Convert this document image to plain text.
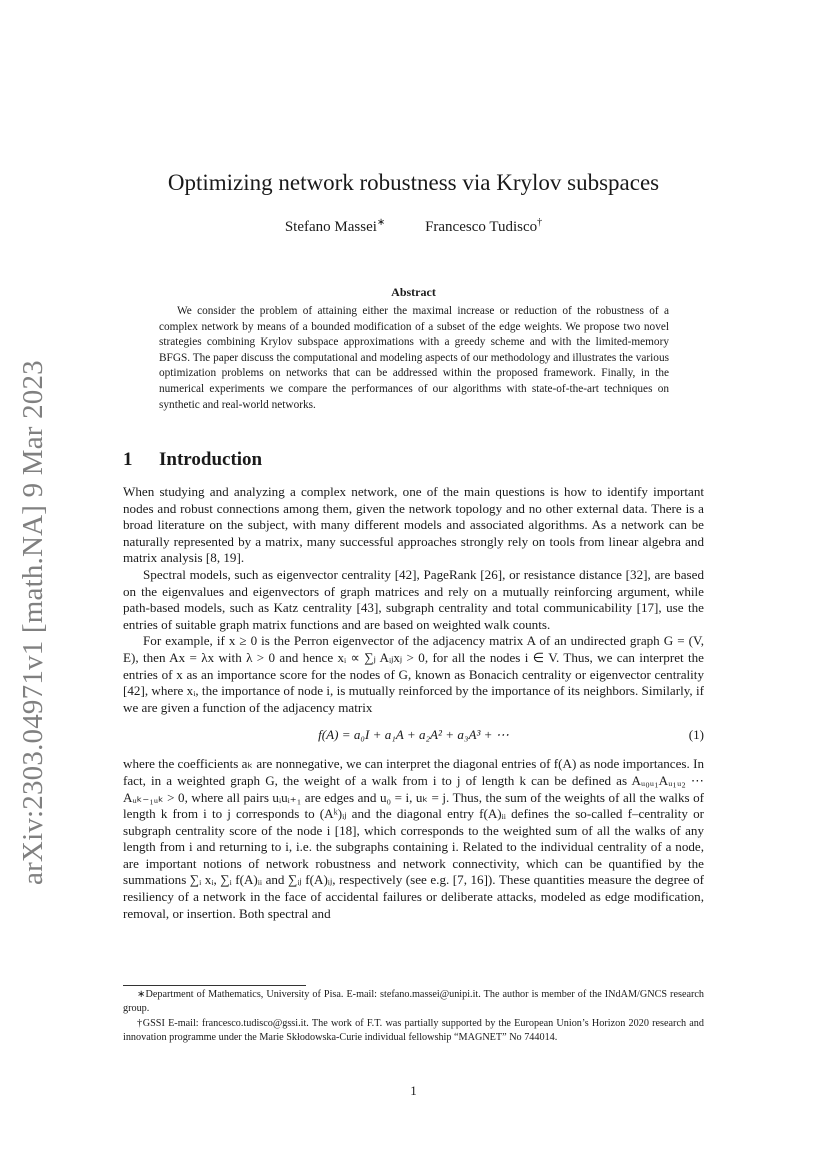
arXiv:2303.04971v1 [math.NA] 9 Mar 2023
Optimizing network robustness via Krylov subspaces
Stefano Massei∗	Francesco Tudisco†
Abstract
We consider the problem of attaining either the maximal increase or reduction of the robustness of a complex network by means of a bounded modification of a subset of the edge weights. We propose two novel strategies combining Krylov subspace approximations with a greedy scheme and with the limited-memory BFGS. The paper discuss the computational and modeling aspects of our methodology and illustrates the various optimization problems on networks that can be addressed within the proposed framework. Finally, in the numerical experiments we compare the performances of our algorithms with state-of-the-art techniques on synthetic and real-world networks.
1 Introduction

When studying and analyzing a complex network, one of the main questions is how to identify important nodes and robust connections among them, given the network topology and no other external data. There is a broad literature on the subject, with many different models and associated algorithms. As a network can be naturally represented by a matrix, many successful approaches strongly rely on tools from linear algebra and matrix analysis [8, 19].

Spectral models, such as eigenvector centrality [42], PageRank [26], or resistance distance [32], are based on the eigenvalues and eigenvectors of graph matrices and rely on a mutually reinforcing argument, while path-based models, such as Katz centrality [43], subgraph centrality and total communicability [17], use the entries of suitable graph matrix functions and are based on weighted walk counts.

For example, if x ≥ 0 is the Perron eigenvector of the adjacency matrix A of an undirected graph G = (V, E), then Ax = λx with λ > 0 and hence xᵢ ∝ ∑ⱼ Aᵢⱼxⱼ > 0, for all the nodes i ∈ V. Thus, we can interpret the entries of x as an importance score for the nodes of G, known as Bonacich centrality or eigenvector centrality [42], where xᵢ, the importance of node i, is mutually reinforced by the importance of its neighbors. Similarly, if we are given a function of the adjacency matrix

f(A) = a₀I + a₁A + a₂A² + a₃A³ + ⋯	(1)

where the coefficients aₖ are nonnegative, we can interpret the diagonal entries of f(A) as node importances. In fact, in a weighted graph G, the weight of a walk from i to j of length k can be defined as Aᵤ₀ᵤ₁Aᵤ₁ᵤ₂ ⋯ Aᵤₖ₋₁ᵤₖ > 0, where all pairs uᵢuᵢ₊₁ are edges and u₀ = i, uₖ = j. Thus, the sum of the weights of all the walks of length k from i to j corresponds to (Aᵏ)ᵢⱼ and the diagonal entry f(A)ᵢᵢ defines the so-called f–centrality or subgraph centrality score of the node i [18], which corresponds to the weighted sum of all the walks of any length from i and returning to i, i.e. the subgraphs containing i. Related to the individual centrality of a node, are important notions of network robustness and network connectivity, which can be quantified by the summations ∑ᵢ xᵢ, ∑ᵢ f(A)ᵢᵢ and ∑ᵢⱼ f(A)ᵢⱼ, respectively (see e.g. [7, 16]). These quantities measure the degree of resiliency of a network in the face of accidental failures or deliberate attacks, modeled as edge modification, removal, or insertion. Both spectral and

∗Department of Mathematics, University of Pisa. E-mail: stefano.massei@unipi.it. The author is member of the INdAM/GNCS research group.

†GSSI E-mail: francesco.tudisco@gssi.it. The work of F.T. was partially supported by the European Union’s Horizon 2020 research and innovation programme under the Marie Skłodowska-Curie individual fellowship “MAGNET” No 744014.

1
